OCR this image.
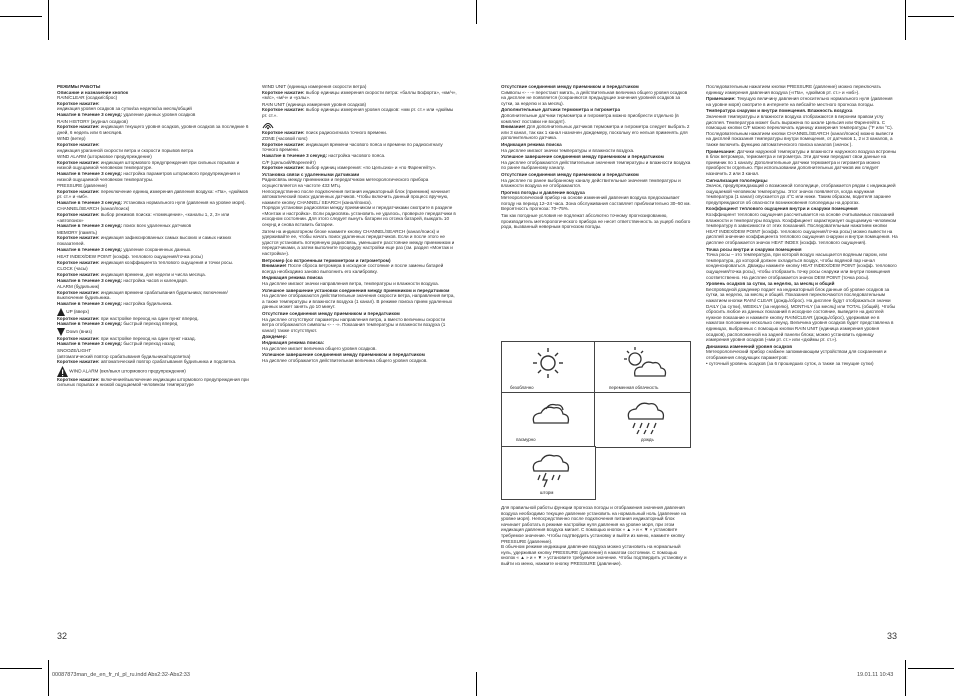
РЕЖИМЫ РАБОТЫ

Описание и назначение кнопок

RAIN/CLEAR (осадки/сброс)

Короткое нажатие:

индикация уровня осадков за сутки/за неделю/за месяц/общий

Нажатие в течение 3 секунд: удаление данных уровня осадков

RAIN HISTORY (журнал осадков)

Короткое нажатие: индикация текущего уровня осадков, уровня осадков за последние 6 дней, 6 недель или 6 месяцев.

WIND (ветер)

Короткое нажатие:

индикация ураганной скорости ветра и скорости порывов ветра

WIND ALARM (штормовое предупреждение)

Короткое нажатие: индикация штормового предупреждения при сильных порывах и низкой ощущаемой человеком температуре.

Нажатие в течение 3 секунд: настройка параметров штормового предупреждения и низкой ощущаемой человеком температуры.

PRESSURE (давление)

Короткое нажатие: переключение единиц измерения давления воздуха: «Па», «дюймов рт. ст.» и «мб».

Нажатие в течение 3 секунд: Установка нормального нуля (давления на уровне моря).

CHANNEL/SEARCH (канал/поиск)

Короткое нажатие: выбор режимов поиска: «помещение», «каналы 1, 2, 3» или «автопоиск»

Нажатие в течение 3 секунд: поиск всех удаленных датчиков

MEMORY (память)

Короткое нажатие: индикация зафиксированных самых высоких и самых низких показателей.

Нажатие в течение 3 секунд: удаление сохраненных данных.

HEAT INDEX/DEW POINT (коэфф. теплового ощущения/точка росы)

Короткое нажатие: индикация коэффициента теплового ощущения и точки росы.

CLOCK (часы)

Короткое нажатие: индикация времени, дня недели и числа месяца.

Нажатие в течение 3 секунд: настройка часов и календаря.

ALARM (будильник)

Короткое нажатие: индикация времени срабатывания будильника; включение/выключение будильника.

Нажатие в течение 3 секунд: настройка будильника.

UP (вверх)

Короткое нажатие: при настройке переход на один пункт вперед.

Нажатие в течение 3 секунд: быстрый переход вперед

Down (вниз)

Короткое нажатие: при настройке переход на один пункт назад.

Нажатие в течение 3 секунд: быстрый переход назад

SNOOZE/LIGHT

(автоматический повтор срабатывания будильника/подсветка)

Короткое нажатие: автоматический повтор срабатывания будильника и подсветка.

WIND ALARM (вкл/выкл штормового предупреждения)

Короткое нажатие: включение/выключение индикации штормового предупреждения при сильных порывах и низкой ощущаемой человеком температуре

WIND UNIT (единица измерения скорости ветра)

Короткое нажатие: выбор единицы измерения скорости ветра: «баллы Бофорта», «км/ч», «м/с», «м/ч» и «узлы».

RAIN UNIT (единица измерения уровня осадков)

Короткое нажатие: выбор единицы измерения уровня осадков: «мм рт. ст.» или «дюймы рт. ст.».

Короткое нажатие: поиск радиосигнала точного времени.

ZONE (часовой пояс)

Короткое нажатие: индикация времени часового пояса и времени по радиосигналу точного времени.

Нажатие в течение 3 секунд: настройка часового пояса.

C/F (Цельсий/Фаренгейт)

Короткое нажатие: выбор единиц измерения: «по Цельсию» и «по Фаренгейту».

Установка связи с удаленными датчиками

Радиосвязь между приемником и передатчиком метеорологического прибора осуществляется на частоте 433 МГц.

Непосредственно после подключения питания индикаторный блок (приемник) начинает автоматический поиск удаленных датчиков. Чтобы включить данный процесс вручную, нажмите кнопку CHANNEL/ SEARCH (канал/поиск).

Порядок установки радиосвязи между приемником и передатчиками смотрите в разделе «Монтаж и настройка». Если радиосвязь установить не удалось, проверьте передатчики в исходном состоянии. Для этого следует вынуть батареи из отсека батарей, выждать 10 секунд и снова вставить батареи.

Затем на индикаторном блоке нажмите кнопку CHANNEL/SEARCH (канал/поиск) и удерживайте ее, чтобы начать поиск удаленных передатчиков. Если и после этого не удастся установить потерянную радиосвязь, уменьшите расстояние между приемником и передатчиками, а затем выполните процедуру настройки еще раз (см. раздел «Монтаж и настройка»).

Ветромер (со встроенным термометром и гигрометром)

Внимание! После сброса ветромера в исходное состояние и после замены батарей всегда необходимо заново выполнить его калибровку.

Индикация режима поиска

На дисплее мигают значки направления ветра, температуры и влажности воздуха.

Успешное завершение установки соединения между приемником и передатчиком

На дисплее отображаются действительные значения скорости ветра, направления ветра, а также температуры и влажности воздуха (1 канал). В режиме поиска прием удаленных данных может занять до 10 минут.

Отсутствие соединения между приемником и передатчиком

На дисплее отсутствуют параметры направления ветра, а вместо величины скорости ветра отображаются символы «- - -». Показания температуры и влажности воздуха (1 канал) также отсутствуют.

Дождемер:

Индикация режима поиска:

На дисплее мигает величина общего уровня осадков.

Успешное завершение соединения между приемником и передатчиком

На дисплее отображается действительная величина общего уровня осадков.

32

Отсутствие соединения между приемником и передатчиком

Символы «- - -» перестают мигать, а действительная величина общего уровня осадков на дисплее не появляется (сохраняются предыдущие значения уровней осадков за сутки, за неделю и за месяц).

Дополнительные датчики термометра и гигрометра

Дополнительные датчики термометра и гигрометра можно приобрести отдельно (в комплект поставки не входят).

Внимание! Для дополнительных датчиков термометра и гигрометра следует выбрать 2 или 3 канал, так как 1 канал назначен дождемеру, поскольку его нельзя применять для дополнительного датчика.

Индикация режима поиска

На дисплее мигают значки температуры и влажности воздуха.

Успешное завершение соединения между приемником и передатчиком

На дисплее отображаются действительные значения температуры и влажности воздуха по ранее выбранному каналу.

Отсутствие соединения между приемником и передатчиком

На дисплее по ранее выбранному каналу действительные значения температуры и влажности воздуха не отображаются.

Прогноз погоды и давление воздуха

Метеорологический прибор на основе изменений давления воздуха предсказывает погоду на период 12–24 часа. Зона обслуживания составляет приблизительно 30–50 км. Вероятность прогноза: 70–75%.

Так как погодные условия не подлежат абсолютно точному прогнозированию, производитель метеорологического прибора не несет ответственность за ущерб любого рода, вызванный неверным прогнозом погоды.

безоблачно	переменная облачность
пасмурно	дождь
шторм

Для правильной работы функции прогноза погоды и отображения значения давления воздуха необходимо текущее давление установить на нормальный ноль (давление на уровне моря). Непосредственно после подключения питания индикаторный блок начинает работать в режиме настройки нуля давления на уровне моря, при этом индикация давления воздуха мигает. С помощью кнопок « ▲ » и « ▼ » установите требуемое значение. Чтобы подтвердить установку и выйти из меню, нажмите кнопку PRESSURE (давление).

В обычном режиме индикации давление воздуха можно установить на нормальный нуль, удерживая кнопку PRESSURE (давление) в нажатом состоянии. С помощью кнопок « ▲ » и « ▼ » установите требуемое значение. Чтобы подтвердить установку и выйти из меню, нажмите кнопку PRESSURE (давление).

Последовательным нажатием кнопки PRESSURE (давление) можно переключать единицу измерения давления воздуха («гПа», «дюймов рт. ст.» и «мб»).

Примечание: Текущую величину давления относительно нормального нуля (давления на уровне моря) смотрите в интернете на вебсайте местного прогноза погоды.

Температура снаружи и внутри помещения. Влажность воздуха

Значения температуры и влажности воздуха отображаются в верхнем правом углу дисплея. Температура может быть выражена по шкале Цельсия или Фаренгейта. С помощью кнопки C/F можно переключать единицу измерения температуры (°F или °C). Последовательным нажатием кнопки CHANNEL/SEARCH (канал/поиск) можно вывести на дисплей показания температуры внутри помещения, от датчиков 1, 2 и 3 каналов, а также включить функцию автоматического поиска каналов (значок ).

Примечание: Датчики наружной температуры и влажности наружного воздуха встроены в блок ветромера, термометра и гигрометра. Эти датчики передают свои данные на приемник по 1 каналу. Дополнительные датчики термометра и гигрометра можно приобрести отдельно. При использовании дополнительных датчиков им следует назначить 2 или 3 канал.

Сигнализация гололедицы

Значок, предупреждающий о возможной гололедице, отображается рядом с индикацией ощущаемой человеком температуры. Этот значок появляется, когда наружная температура (1 канал) опускается до 4°C или ниже. Таким образом, водителя заранее предупреждаются об опасности возникновения гололедицы на дорогах.

Коэффициент теплового ощущения внутри и снаружи помещения

Коэффициент теплового ощущения рассчитывается на основе считываемых показаний влажности и температуры воздуха. Коэффициент характеризует ощущаемую человеком температуру в зависимости от этих показаний. Последовательным нажатием кнопки HEAT INDEX/DEW POINT (коэфф. теплового ощущения/точка росы) можно вывести на дисплей значение коэффициента теплового ощущения снаружи и внутри помещения. На дисплее отображается значок HEAT INDEX (коэфф. теплового ощущения).

Точка росы внутри и снаружи помещения

Точка росы – это температура, при которой воздух насыщается водяным паром, или температура, до которой должен охладиться воздух, чтобы водяной пар начал конденсироваться. Дважды нажмите кнопку HEAT INDEX/DEW POINT (коэфф. теплового ощущения/точка росы), чтобы отобразить точку росы снаружи или внутри помещения соответственно. На дисплее отображается значок DEW POINT (точка росы).

Уровень осадков за сутки, за неделю, за месяц и общий

Беспроводной дождемер подает на индикаторный блок данные об уровне осадков за сутки, за неделю, за месяц и общий. Показания переключаются последовательным нажатием кнопки RAIN/ CLEAR (дождь/сброс). На дисплее будут отображаться значки DAILY (за сутки), WEEKLY (за неделю), MONTHLY (за месяц) или TOTAL (общий). Чтобы сбросить любое из данных показаний в исходное состояние, выведите на дисплей нужное показание и нажмите кнопку RAIN/CLEAR (дождь/сброс), удерживая ее в нажатом положении несколько секунд. Величина уровня осадков будет представлена в единицах, выбранных с помощью кнопки RAIN UNIT (единица измерения уровня осадков), расположенной на задней панели блока; можно установить единицу измерения уровня осадков («мм рт. ст.» или «дюймы рт. ст.»).

Динамика изменений уровня осадков

Метеорологический прибор снабжен запоминающим устройством для сохранения и отображения следующих параметров:

• суточный уровень осадков (за 6 прошедших суток, а также за текущие сутки)

33
00087873man_de_en_fr_nl_pl_ru.indd Abs2:32-Abs2:33	19.01.11 10:43
